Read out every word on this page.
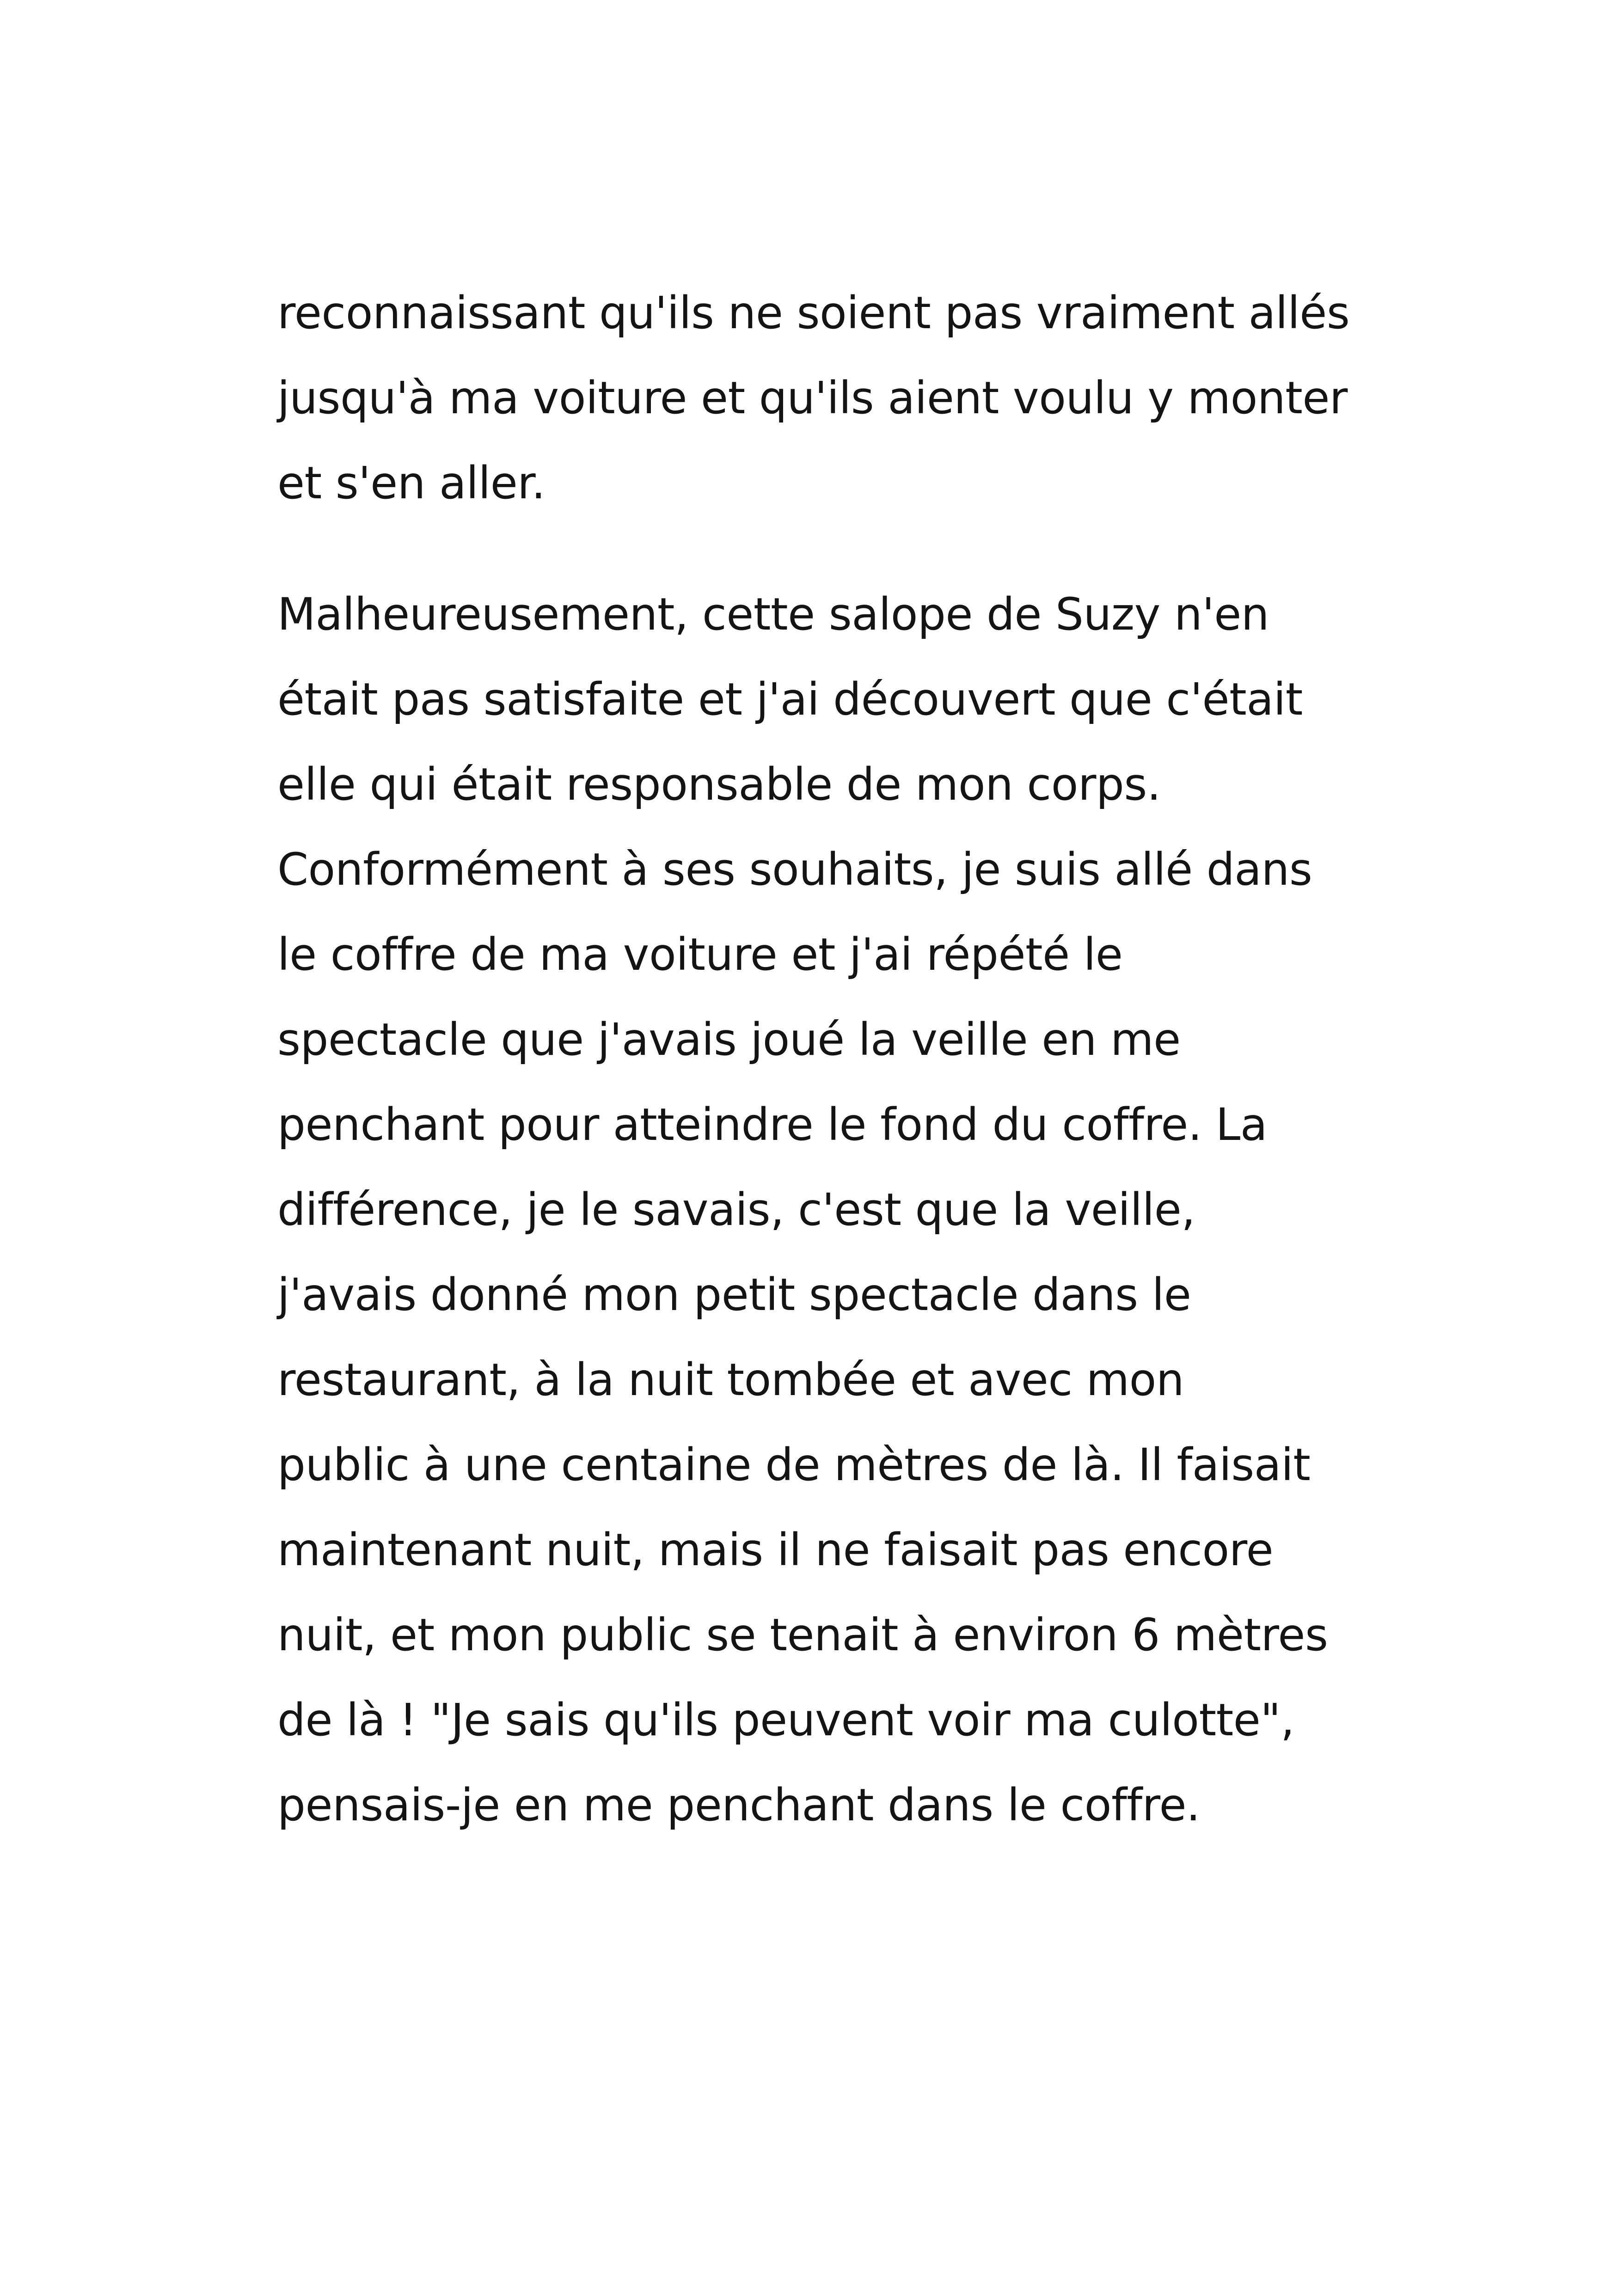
reconnaissant qu'ils ne soient pas vraiment allés
jusqu'à ma voiture et qu'ils aient voulu y monter
et s'en aller.
Malheureusement, cette salope de Suzy n'en
était pas satisfaite et j'ai découvert que c'était
elle qui était responsable de mon corps.
Conformément à ses souhaits, je suis allé dans
le coffre de ma voiture et j'ai répété le
spectacle que j'avais joué la veille en me
penchant pour atteindre le fond du coffre. La
différence, je le savais, c'est que la veille,
j'avais donné mon petit spectacle dans le
restaurant, à la nuit tombée et avec mon
public à une centaine de mètres de là. Il faisait
maintenant nuit, mais il ne faisait pas encore
nuit, et mon public se tenait à environ 6 mètres
de là ! "Je sais qu'ils peuvent voir ma culotte",
pensais-je en me penchant dans le coffre.
